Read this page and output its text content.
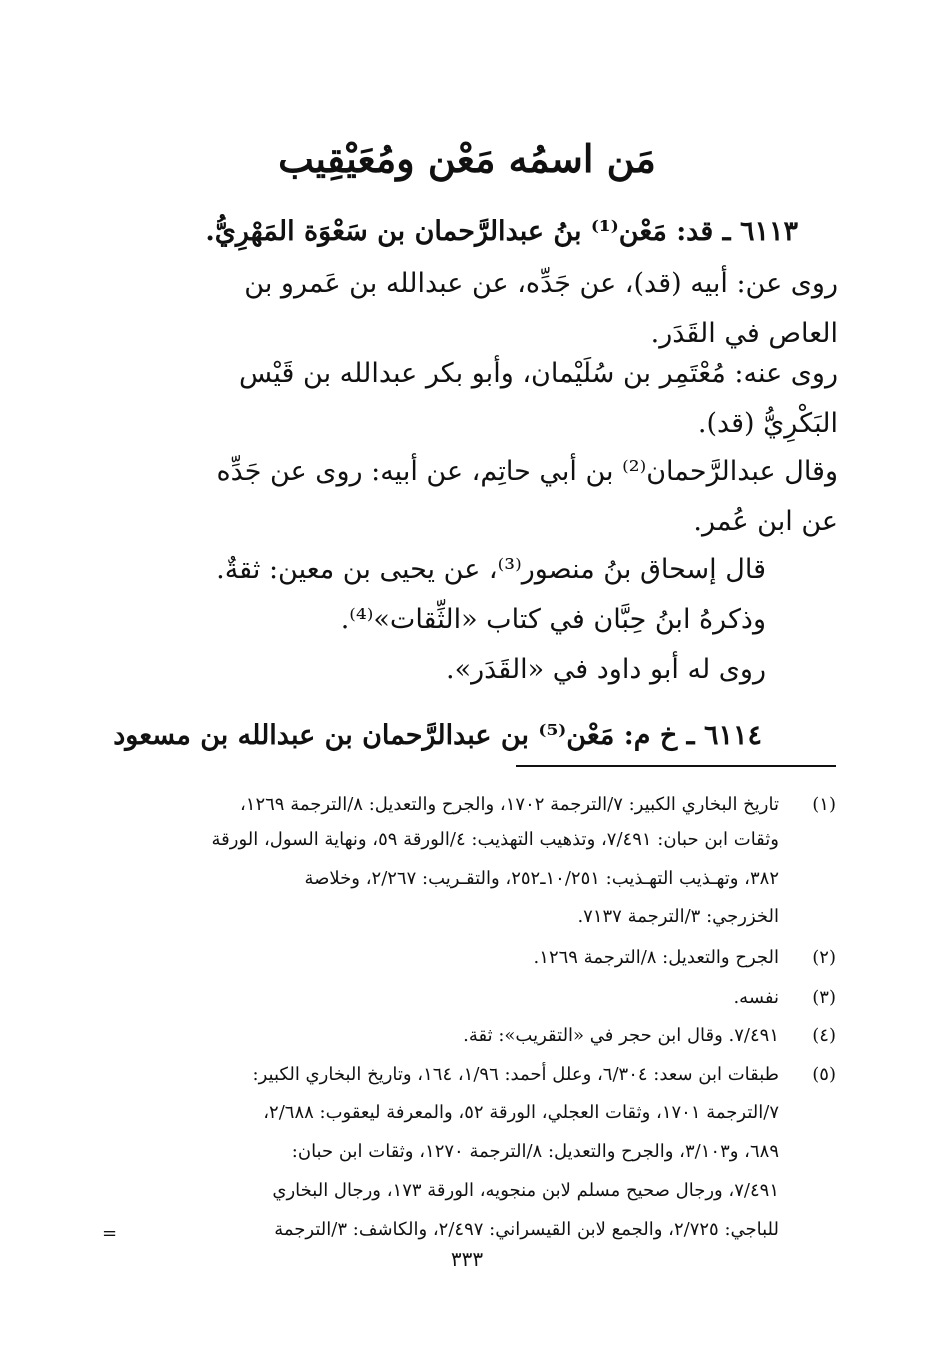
مَن اسمُه مَعْن ومُعَيْقِيب
٦١١٣ ـ قد: مَعْن⁽¹⁾ بنُ عبدالرَّحمان بن سَعْوَة المَهْرِيُّ.
روى عن: أبيه (قد)، عن جَدِّه، عن عبدالله بن عَمرو بن
العاص في القَدَر.
روى عنه: مُعْتَمِر بن سُلَيْمان، وأبو بكر عبدالله بن قَيْس
البَكْرِيُّ (قد).
وقال عبدالرَّحمان⁽²⁾ بن أبي حاتِم، عن أبيه: روى عن جَدِّه
عن ابن عُمر.
قال إسحاق بنُ منصور⁽³⁾، عن يحيى بن معين: ثقةٌ.
وذكرهُ ابنُ حِبَّان في كتاب «الثِّقات»⁽⁴⁾.
روى له أبو داود في «القَدَر».
٦١١٤ ـ خ م: مَعْن⁽⁵⁾ بن عبدالرَّحمان بن عبدالله بن مسعود
(١)
تاريخ البخاري الكبير: ٧/الترجمة ١٧٠٢، والجرح والتعديل: ٨/الترجمة ١٢٦٩،
وثقات ابن حبان: ٧/٤٩١، وتذهيب التهذيب: ٤/الورقة ٥٩، ونهاية السول، الورقة
٣٨٢، وتهـذيب التهـذيب: ١٠/٢٥١ـ٢٥٢، والتقـريب: ٢/٢٦٧، وخلاصة
الخزرجي: ٣/الترجمة ٧١٣٧.
(٢)
الجرح والتعديل: ٨/الترجمة ١٢٦٩.
(٣)
نفسه.
(٤)
٧/٤٩١. وقال ابن حجر في «التقريب»: ثقة.
(٥)
طبقات ابن سعد: ٦/٣٠٤، وعلل أحمد: ١/٩٦، ١٦٤، وتاريخ البخاري الكبير:
٧/الترجمة ١٧٠١، وثقات العجلي، الورقة ٥٢، والمعرفة ليعقوب: ٢/٦٨٨،
٦٨٩، و٣/١٠٣، والجرح والتعديل: ٨/الترجمة ١٢٧٠، وثقات ابن حبان:
٧/٤٩١، ورجال صحيح مسلم لابن منجويه، الورقة ١٧٣، ورجال البخاري
للباجي: ٢/٧٢٥، والجمع لابن القيسراني: ٢/٤٩٧، والكاشف: ٣/الترجمة
=
٣٣٣
